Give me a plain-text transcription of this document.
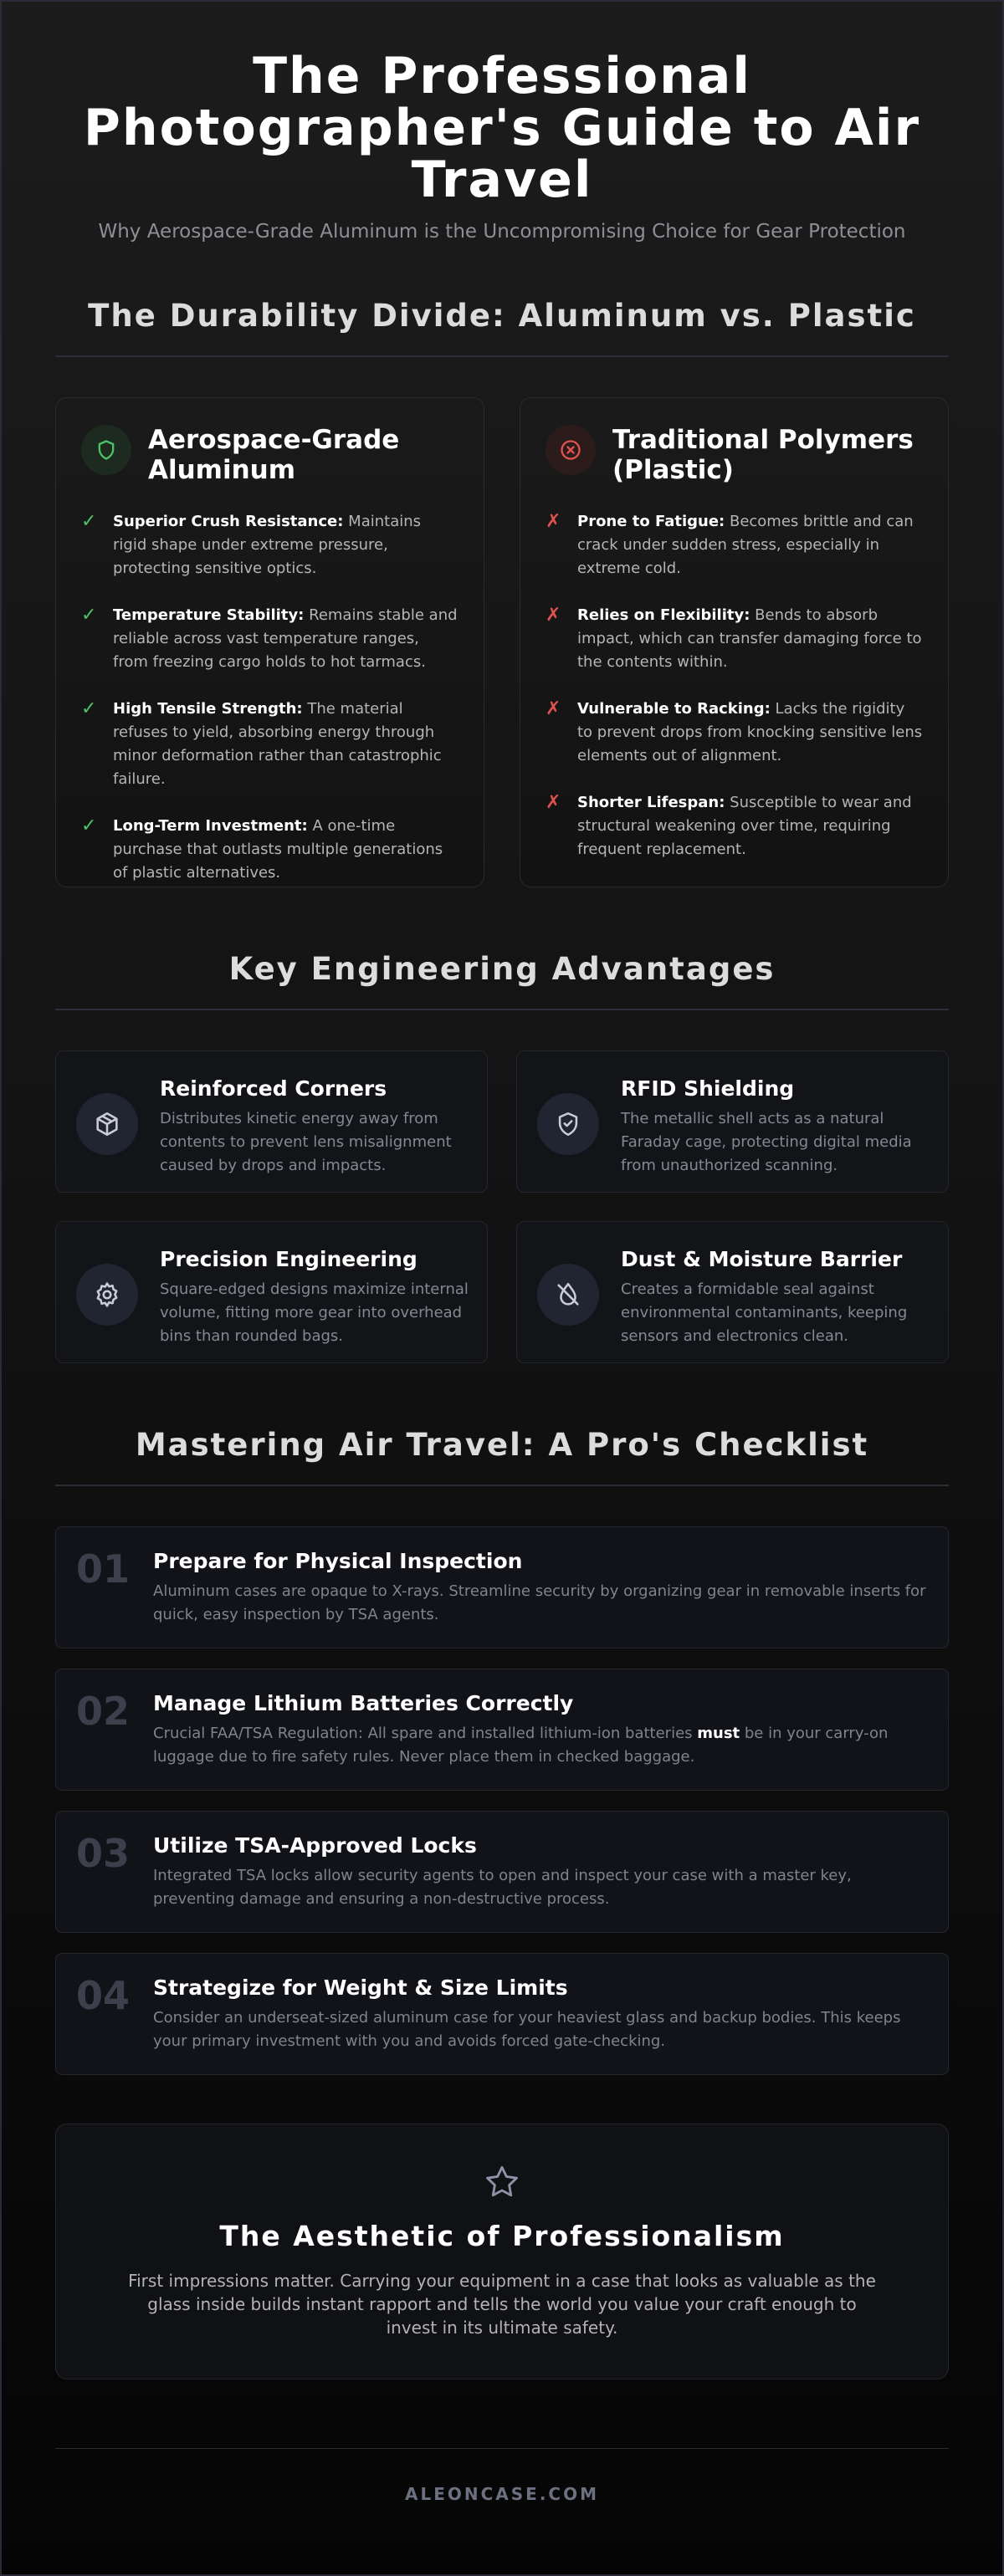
The Professional Photographer's Guide to Air Travel

Why Aerospace-Grade Aluminum is the Uncompromising Choice for Gear Protection

The Durability Divide: Aluminum vs. Plastic
Aerospace-Grade Aluminum
✓ Superior Crush Resistance: Maintains rigid shape under extreme pressure, protecting sensitive optics.

✓ Temperature Stability: Remains stable and reliable across vast temperature ranges, from freezing cargo holds to hot tarmacs.

✓ High Tensile Strength: The material refuses to yield, absorbing energy through minor deformation rather than catastrophic failure.

✓ Long-Term Investment: A one-time purchase that outlasts multiple generations of plastic alternatives.

Traditional Polymers (Plastic)
✗ Prone to Fatigue: Becomes brittle and can crack under sudden stress, especially in extreme cold.

✗ Relies on Flexibility: Bends to absorb impact, which can transfer damaging force to the contents within.

✗ Vulnerable to Racking: Lacks the rigidity to prevent drops from knocking sensitive lens elements out of alignment.

✗ Shorter Lifespan: Susceptible to wear and structural weakening over time, requiring frequent replacement.

Key Engineering Advantages
Reinforced Corners

Distributes kinetic energy away from contents to prevent lens misalignment caused by drops and impacts.

RFID Shielding

The metallic shell acts as a natural Faraday cage, protecting digital media from unauthorized scanning.

Precision Engineering

Square-edged designs maximize internal volume, fitting more gear into overhead bins than rounded bags.

Dust & Moisture Barrier

Creates a formidable seal against environmental contaminants, keeping sensors and electronics clean.

Mastering Air Travel: A Pro's Checklist
01 Prepare for Physical Inspection

Aluminum cases are opaque to X-rays. Streamline security by organizing gear in removable inserts for quick, easy inspection by TSA agents.

02 Manage Lithium Batteries Correctly

Crucial FAA/TSA Regulation: All spare and installed lithium-ion batteries must be in your carry-on luggage due to fire safety rules. Never place them in checked baggage.

03 Utilize TSA-Approved Locks

Integrated TSA locks allow security agents to open and inspect your case with a master key, preventing damage and ensuring a non-destructive process.

04 Strategize for Weight & Size Limits

Consider an underseat-sized aluminum case for your heaviest glass and backup bodies. This keeps your primary investment with you and avoids forced gate-checking.

The Aesthetic of Professionalism

First impressions matter. Carrying your equipment in a case that looks as valuable as the glass inside builds instant rapport and tells the world you value your craft enough to invest in its ultimate safety.

ALEONCASE.COM
